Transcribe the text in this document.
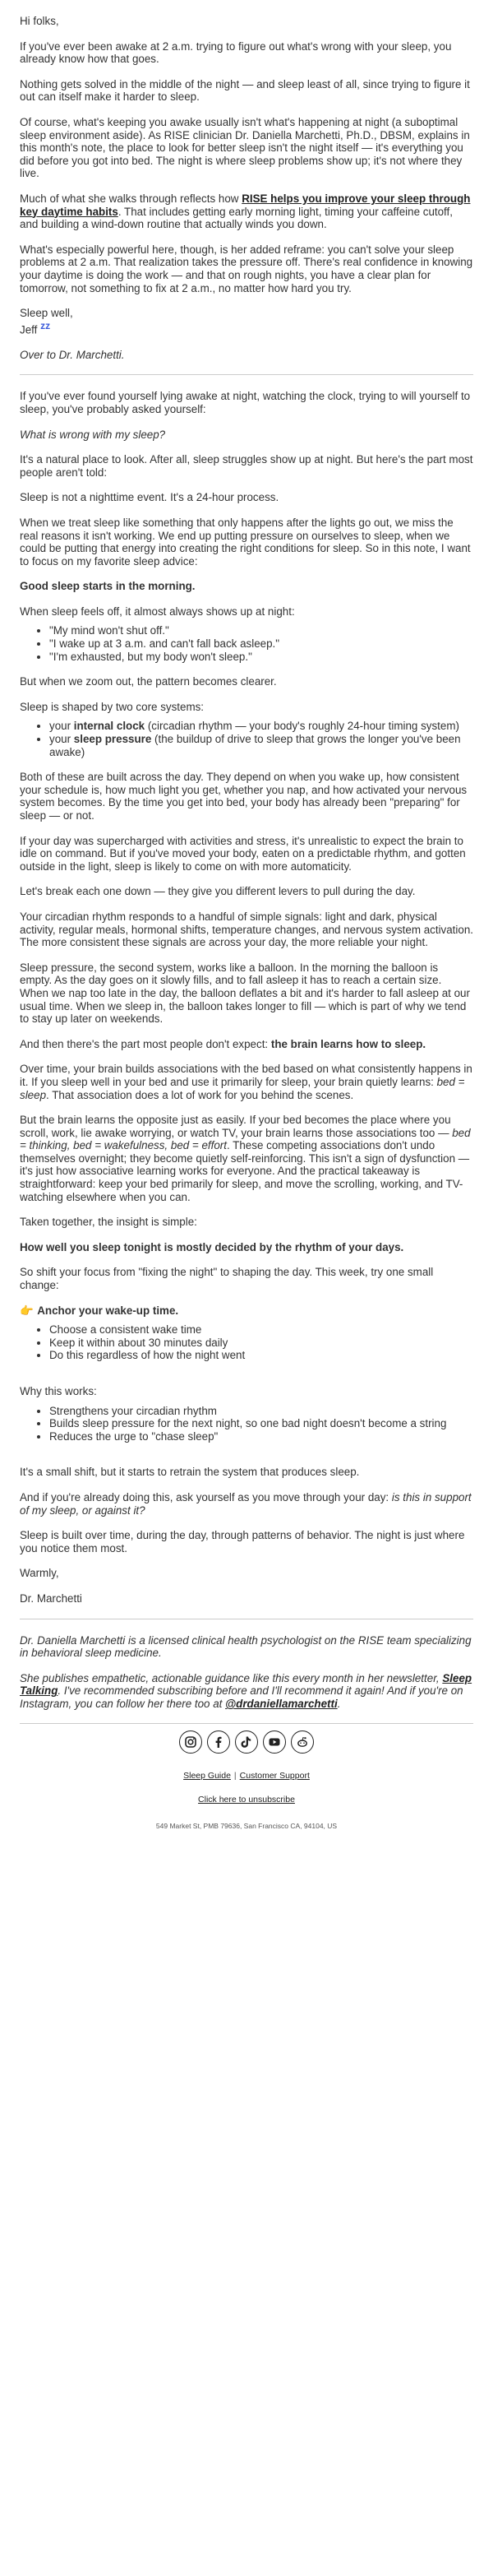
Hi folks,

If you've ever been awake at 2 a.m. trying to figure out what's wrong with your sleep, you already know how that goes.

Nothing gets solved in the middle of the night — and sleep least of all, since trying to figure it out can itself make it harder to sleep.

Of course, what's keeping you awake usually isn't what's happening at night (a suboptimal sleep environment aside). As RISE clinician Dr. Daniella Marchetti, Ph.D., DBSM, explains in this month's note, the place to look for better sleep isn't the night itself — it's everything you did before you got into bed. The night is where sleep problems show up; it's not where they live.

Much of what she walks through reflects how RISE helps you improve your sleep through key daytime habits. That includes getting early morning light, timing your caffeine cutoff, and building a wind-down routine that actually winds you down.

What's especially powerful here, though, is her added reframe: you can't solve your sleep problems at 2 a.m. That realization takes the pressure off. There's real confidence in knowing your daytime is doing the work — and that on rough nights, you have a clear plan for tomorrow, not something to fix at 2 a.m., no matter how hard you try.

Sleep well,

Jeff zz

Over to Dr. Marchetti.

If you've ever found yourself lying awake at night, watching the clock, trying to will yourself to sleep, you've probably asked yourself:

What is wrong with my sleep?

It's a natural place to look. After all, sleep struggles show up at night. But here's the part most people aren't told:

Sleep is not a nighttime event. It's a 24-hour process.

When we treat sleep like something that only happens after the lights go out, we miss the real reasons it isn't working. We end up putting pressure on ourselves to sleep, when we could be putting that energy into creating the right conditions for sleep. So in this note, I want to focus on my favorite sleep advice:

Good sleep starts in the morning.

When sleep feels off, it almost always shows up at night:

• "My mind won't shut off."
• "I wake up at 3 a.m. and can't fall back asleep."
• "I'm exhausted, but my body won't sleep."

But when we zoom out, the pattern becomes clearer.

Sleep is shaped by two core systems:

• your internal clock (circadian rhythm — your body's roughly 24-hour timing system)
• your sleep pressure (the buildup of drive to sleep that grows the longer you've been awake)

Both of these are built across the day. They depend on when you wake up, how consistent your schedule is, how much light you get, whether you nap, and how activated your nervous system becomes. By the time you get into bed, your body has already been "preparing" for sleep — or not.

If your day was supercharged with activities and stress, it's unrealistic to expect the brain to idle on command. But if you've moved your body, eaten on a predictable rhythm, and gotten outside in the light, sleep is likely to come on with more automaticity.

Let's break each one down — they give you different levers to pull during the day.

Your circadian rhythm responds to a handful of simple signals: light and dark, physical activity, regular meals, hormonal shifts, temperature changes, and nervous system activation. The more consistent these signals are across your day, the more reliable your night.

Sleep pressure, the second system, works like a balloon. In the morning the balloon is empty. As the day goes on it slowly fills, and to fall asleep it has to reach a certain size. When we nap too late in the day, the balloon deflates a bit and it's harder to fall asleep at our usual time. When we sleep in, the balloon takes longer to fill — which is part of why we tend to stay up later on weekends.

And then there's the part most people don't expect: the brain learns how to sleep.

Over time, your brain builds associations with the bed based on what consistently happens in it. If you sleep well in your bed and use it primarily for sleep, your brain quietly learns: bed = sleep. That association does a lot of work for you behind the scenes.

But the brain learns the opposite just as easily. If your bed becomes the place where you scroll, work, lie awake worrying, or watch TV, your brain learns those associations too — bed = thinking, bed = wakefulness, bed = effort. These competing associations don't undo themselves overnight; they become quietly self-reinforcing. This isn't a sign of dysfunction — it's just how associative learning works for everyone. And the practical takeaway is straightforward: keep your bed primarily for sleep, and move the scrolling, working, and TV-watching elsewhere when you can.

Taken together, the insight is simple:

How well you sleep tonight is mostly decided by the rhythm of your days.

So shift your focus from "fixing the night" to shaping the day. This week, try one small change:

👉 Anchor your wake-up time.

• Choose a consistent wake time
• Keep it within about 30 minutes daily
• Do this regardless of how the night went

Why this works:

• Strengthens your circadian rhythm
• Builds sleep pressure for the next night, so one bad night doesn't become a string
• Reduces the urge to "chase sleep"

It's a small shift, but it starts to retrain the system that produces sleep.

And if you're already doing this, ask yourself as you move through your day: is this in support of my sleep, or against it?

Sleep is built over time, during the day, through patterns of behavior. The night is just where you notice them most.

Warmly,

Dr. Marchetti

Dr. Daniella Marchetti is a licensed clinical health psychologist on the RISE team specializing in behavioral sleep medicine.

She publishes empathetic, actionable guidance like this every month in her newsletter, Sleep Talking. I've recommended subscribing before and I'll recommend it again! And if you're on Instagram, you can follow her there too at @drdaniellamarchetti.

Sleep Guide | Customer Support
Click here to unsubscribe
549 Market St, PMB 79636, San Francisco CA, 94104, US
